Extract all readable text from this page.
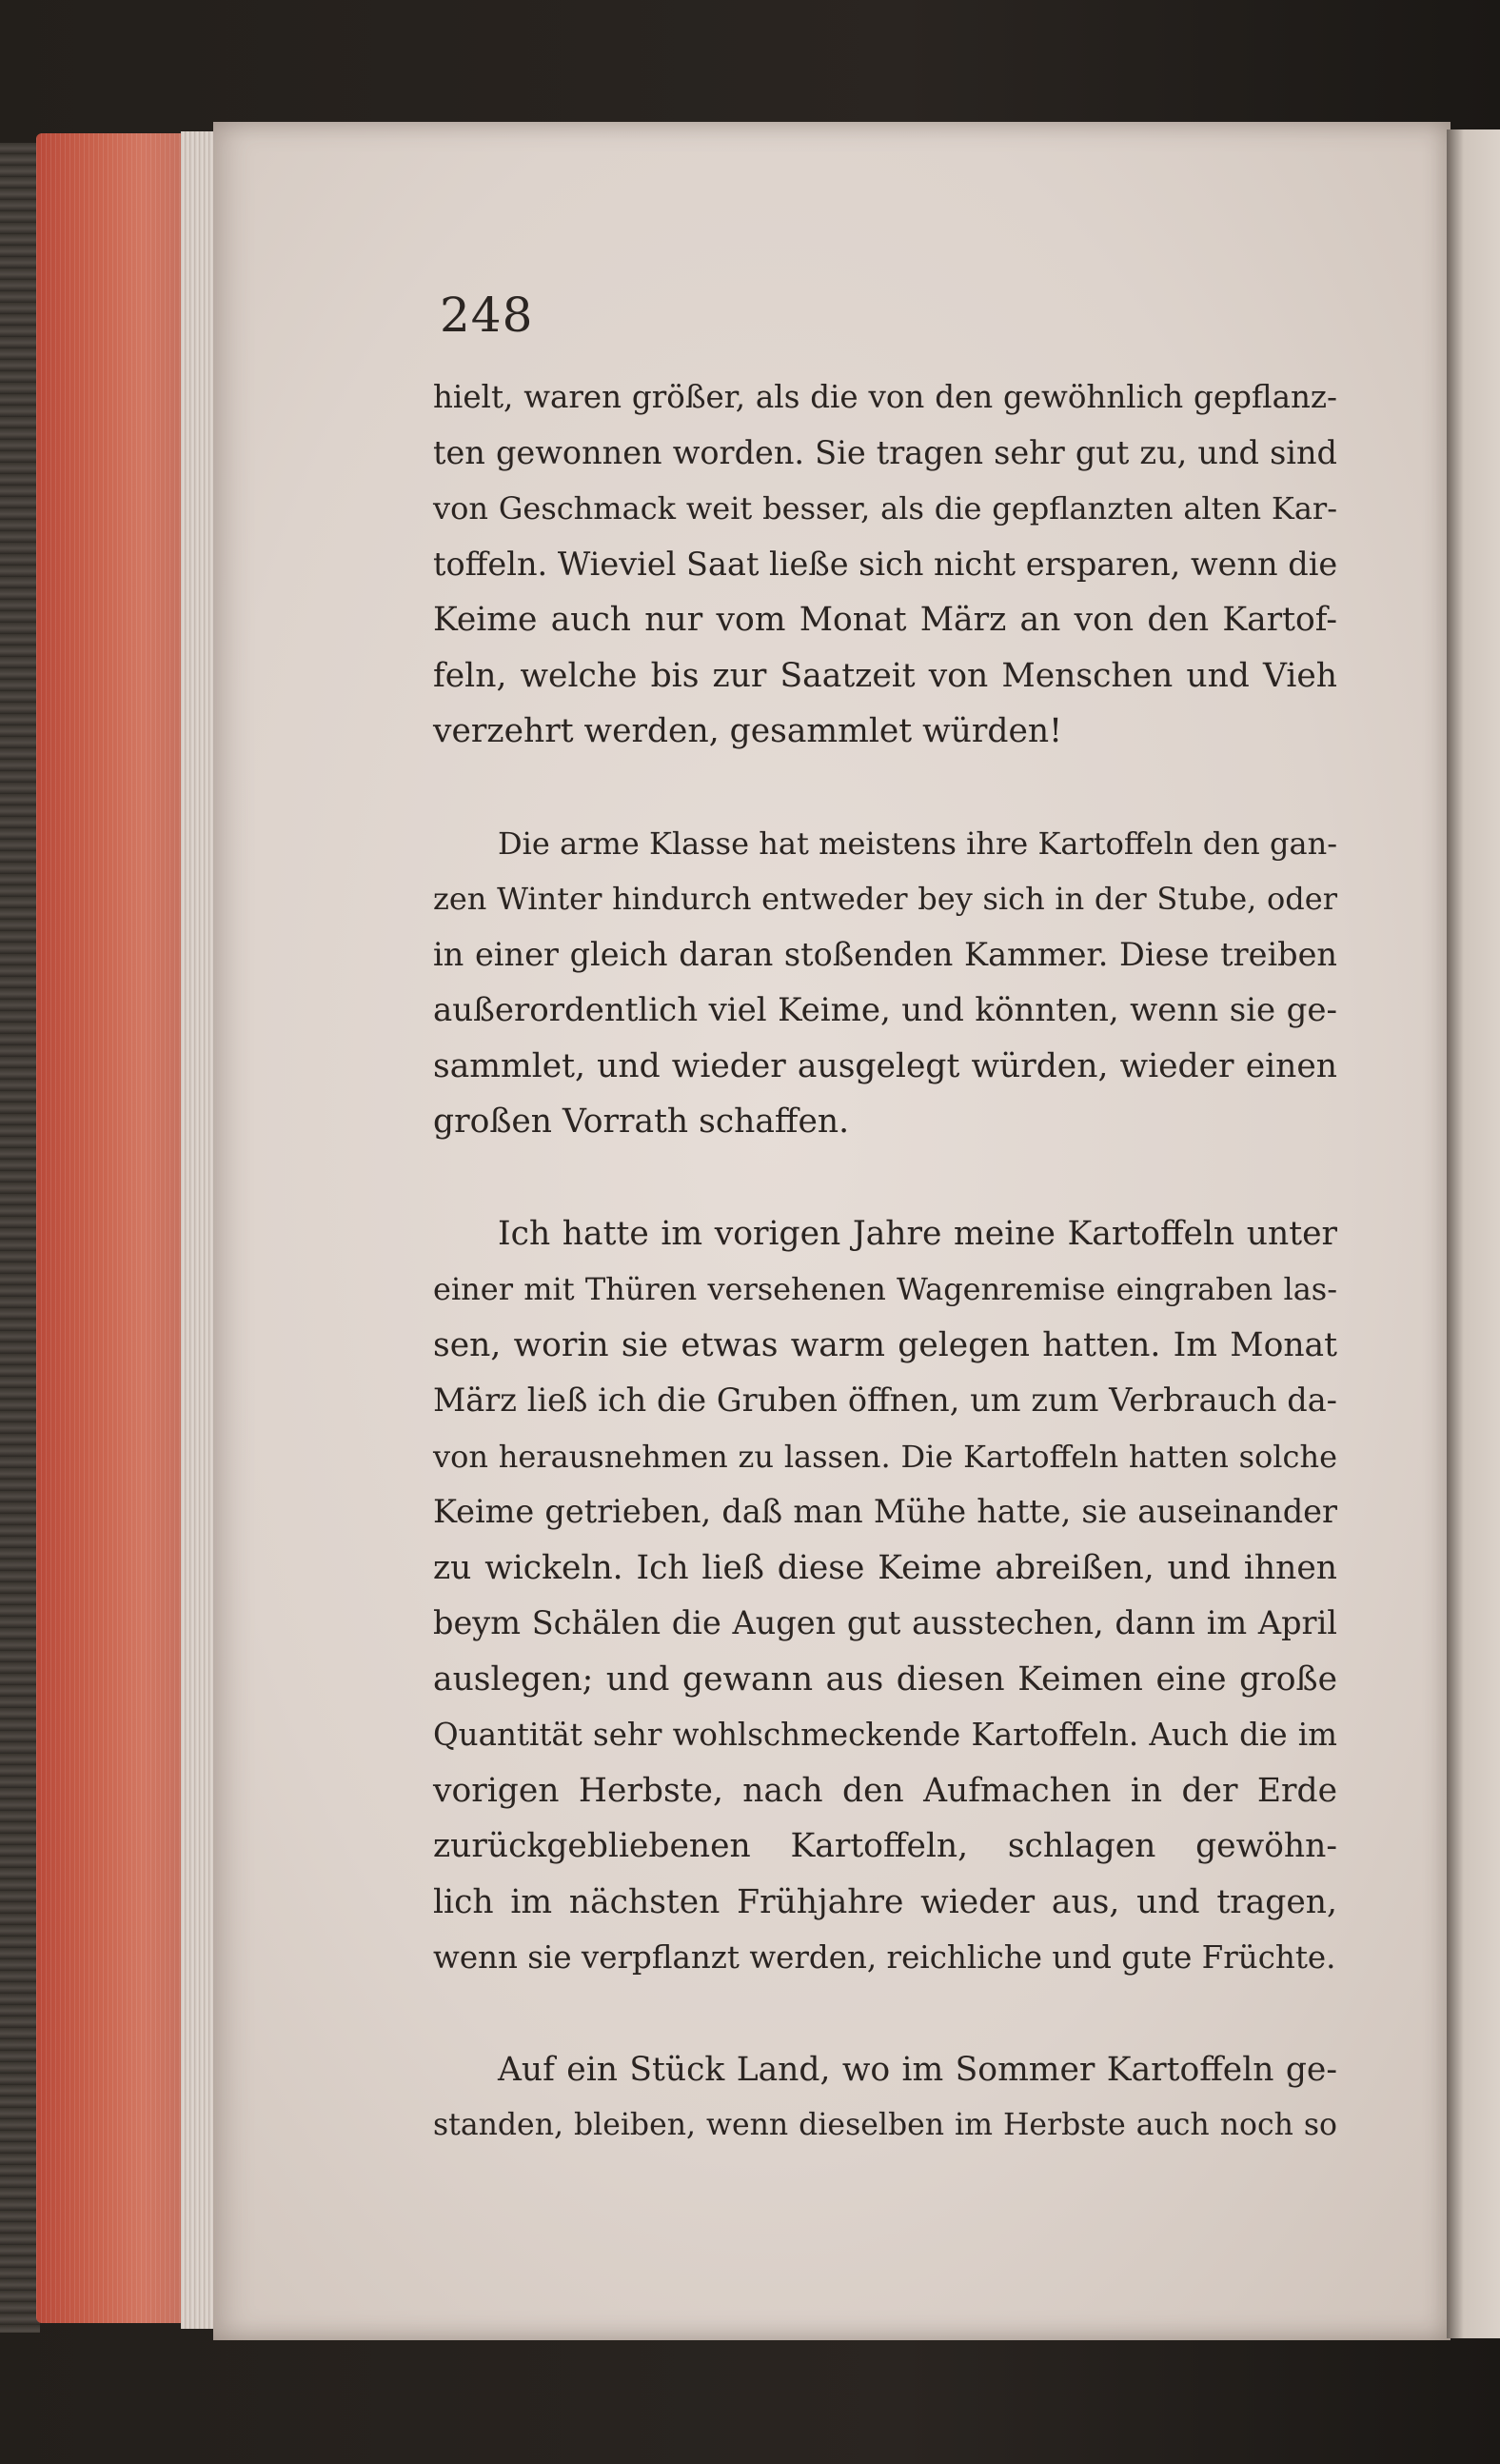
248
hielt, waren größer, als die von den gewöhnlich gepflanz-
ten gewonnen worden. Sie tragen sehr gut zu, und sind
von Geschmack weit besser, als die gepflanzten alten Kar-
toffeln. Wieviel Saat ließe sich nicht ersparen, wenn die
Keime auch nur vom Monat März an von den Kartof-
feln, welche bis zur Saatzeit von Menschen und Vieh
verzehrt werden, gesammlet würden!
Die arme Klasse hat meistens ihre Kartoffeln den gan-
zen Winter hindurch entweder bey sich in der Stube, oder
in einer gleich daran stoßenden Kammer. Diese treiben
außerordentlich viel Keime, und könnten, wenn sie ge-
sammlet, und wieder ausgelegt würden, wieder einen
großen Vorrath schaffen.
Ich hatte im vorigen Jahre meine Kartoffeln unter
einer mit Thüren versehenen Wagenremise eingraben las-
sen, worin sie etwas warm gelegen hatten. Im Monat
März ließ ich die Gruben öffnen, um zum Verbrauch da-
von herausnehmen zu lassen. Die Kartoffeln hatten solche
Keime getrieben, daß man Mühe hatte, sie auseinander
zu wickeln. Ich ließ diese Keime abreißen, und ihnen
beym Schälen die Augen gut ausstechen, dann im April
auslegen; und gewann aus diesen Keimen eine große
Quantität sehr wohlschmeckende Kartoffeln. Auch die im
vorigen Herbste, nach den Aufmachen in der Erde
zurückgebliebenen Kartoffeln, schlagen gewöhn-
lich im nächsten Frühjahre wieder aus, und tragen,
wenn sie verpflanzt werden, reichliche und gute Früchte.
Auf ein Stück Land, wo im Sommer Kartoffeln ge-
standen, bleiben, wenn dieselben im Herbste auch noch so
